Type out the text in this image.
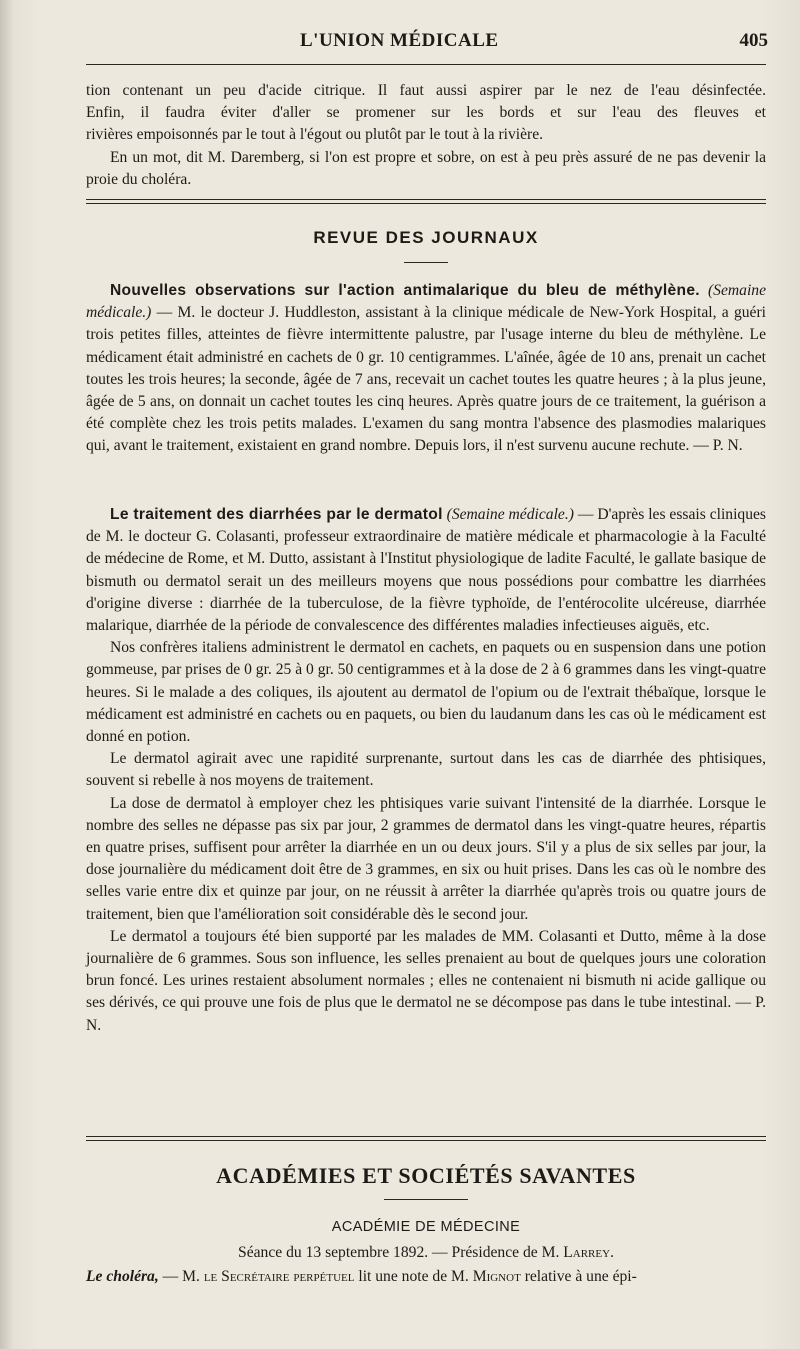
L'UNION MÉDICALE	405

tion contenant un peu d'acide citrique. Il faut aussi aspirer par le nez de l'eau désinfectée.

Enfin, il faudra éviter d'aller se promener sur les bords et sur l'eau des fleuves et

rivières empoisonnés par le tout à l'égout ou plutôt par le tout à la rivière.

En un mot, dit M. Daremberg, si l'on est propre et sobre, on est à peu près assuré de ne pas devenir la proie du choléra.

REVUE DES JOURNAUX

Nouvelles observations sur l'action antimalarique du bleu de méthylène. (Semaine médicale.) — M. le docteur J. Huddleston, assistant à la clinique médicale de New-York Hospital, a guéri trois petites filles, atteintes de fièvre intermittente palustre, par l'usage interne du bleu de méthylène. Le médicament était administré en cachets de 0 gr. 10 centigrammes. L'aînée, âgée de 10 ans, prenait un cachet toutes les trois heures; la seconde, âgée de 7 ans, recevait un cachet toutes les quatre heures ; à la plus jeune, âgée de 5 ans, on donnait un cachet toutes les cinq heures. Après quatre jours de ce traitement, la guérison a été complète chez les trois petits malades. L'examen du sang montra l'absence des plasmodies malariques qui, avant le traitement, existaient en grand nombre. Depuis lors, il n'est survenu aucune rechute. — P. N.

Le traitement des diarrhées par le dermatol (Semaine médicale.) — D'après les essais cliniques de M. le docteur G. Colasanti, professeur extraordinaire de matière médicale et pharmacologie à la Faculté de médecine de Rome, et M. Dutto, assistant à l'Institut physiologique de ladite Faculté, le gallate basique de bismuth ou dermatol serait un des meilleurs moyens que nous possédions pour combattre les diarrhées d'origine diverse : diarrhée de la tuberculose, de la fièvre typhoïde, de l'entérocolite ulcéreuse, diarrhée malarique, diarrhée de la période de convalescence des différentes maladies infectieuses aiguës, etc.

Nos confrères italiens administrent le dermatol en cachets, en paquets ou en suspension dans une potion gommeuse, par prises de 0 gr. 25 à 0 gr. 50 centigrammes et à la dose de 2 à 6 grammes dans les vingt-quatre heures. Si le malade a des coliques, ils ajoutent au dermatol de l'opium ou de l'extrait thébaïque, lorsque le médicament est administré en cachets ou en paquets, ou bien du laudanum dans les cas où le médicament est donné en potion.

Le dermatol agirait avec une rapidité surprenante, surtout dans les cas de diarrhée des phtisiques, souvent si rebelle à nos moyens de traitement.

La dose de dermatol à employer chez les phtisiques varie suivant l'intensité de la diarrhée. Lorsque le nombre des selles ne dépasse pas six par jour, 2 grammes de dermatol dans les vingt-quatre heures, répartis en quatre prises, suffisent pour arrêter la diarrhée en un ou deux jours. S'il y a plus de six selles par jour, la dose journalière du médicament doit être de 3 grammes, en six ou huit prises. Dans les cas où le nombre des selles varie entre dix et quinze par jour, on ne réussit à arrêter la diarrhée qu'après trois ou quatre jours de traitement, bien que l'amélioration soit considérable dès le second jour.

Le dermatol a toujours été bien supporté par les malades de MM. Colasanti et Dutto, même à la dose journalière de 6 grammes. Sous son influence, les selles prenaient au bout de quelques jours une coloration brun foncé. Les urines restaient absolument normales ; elles ne contenaient ni bismuth ni acide gallique ou ses dérivés, ce qui prouve une fois de plus que le dermatol ne se décompose pas dans le tube intestinal. — P. N.

ACADÉMIES ET SOCIÉTÉS SAVANTES
ACADÉMIE DE MÉDECINE
Séance du 13 septembre 1892. — Présidence de M. Larrey.
Le choléra, — M. le Secrétaire perpétuel lit une note de M. Mignot relative à une épi-
